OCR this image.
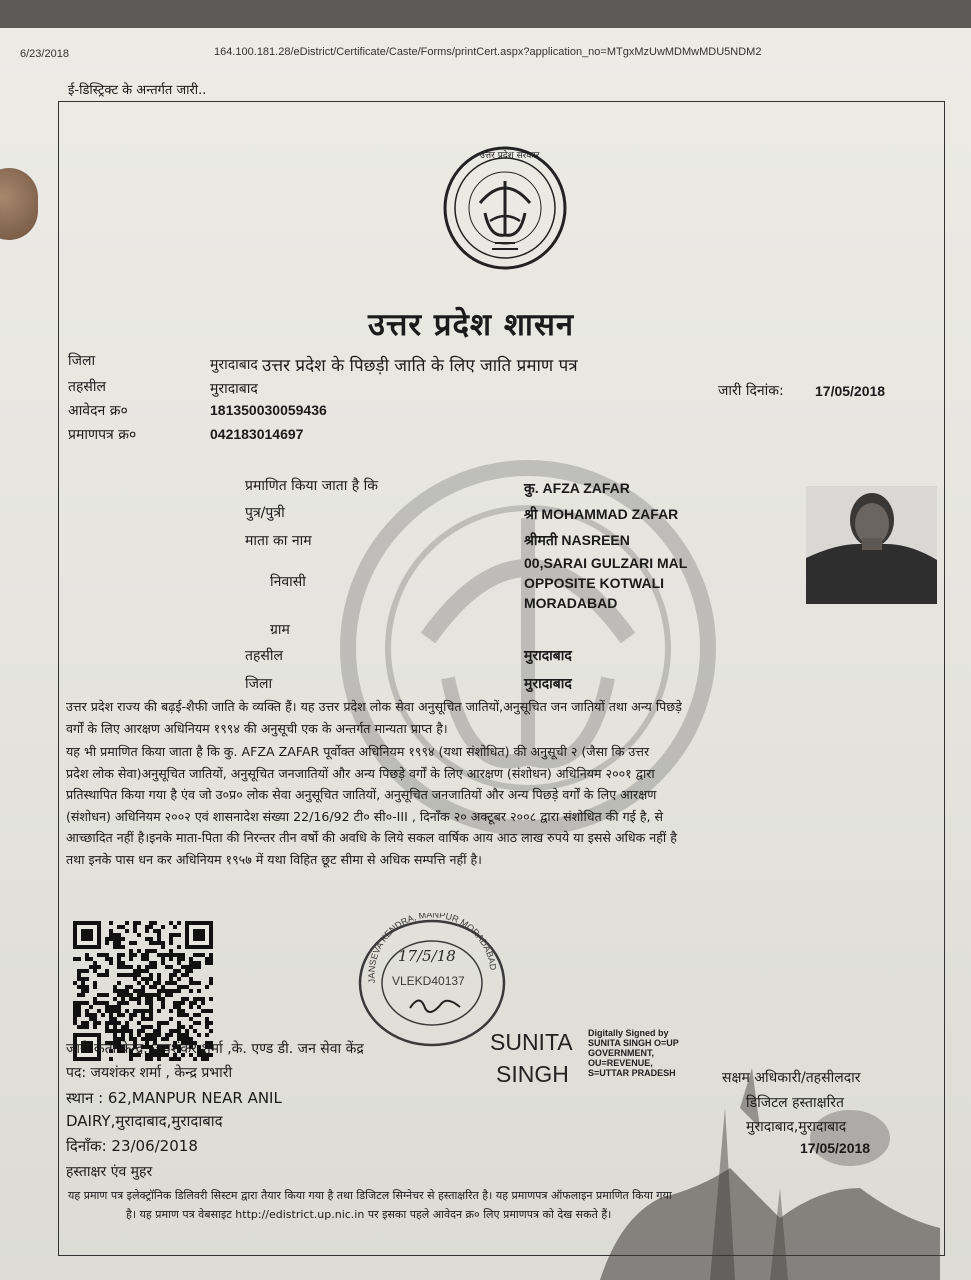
6/23/2018	164.100.181.28/eDistrict/Certificate/Caste/Forms/printCert.aspx?application_no=MTgxMzUwMDMwMDU5NDM2
ई-डिस्ट्रिक्ट के अन्तर्गत जारी..
उत्तर प्रदेश सरकार
उत्तर प्रदेश शासन
उत्तर प्रदेश के पिछड़ी जाति के लिए जाति प्रमाण पत्र
जिला	मुरादाबाद
तहसील	मुरादाबाद
आवेदन क्र०	181350030059436
प्रमाणपत्र क्र०	042183014697
जारी दिनांक: 17/05/2018
प्रमाणित किया जाता है कि	कु. AFZA ZAFAR
पुत्र/पुत्री	श्री MOHAMMAD ZAFAR
माता का नाम	श्रीमती NASREEN
निवासी
00,SARAI GULZARI MAL
OPPOSITE KOTWALI
MORADABAD
ग्राम
तहसील	मुरादाबाद
जिला	मुरादाबाद
उत्तर प्रदेश राज्य की बढ़ई-शैफी जाति के व्यक्ति हैं। यह उत्तर प्रदेश लोक सेवा अनुसूचित जातियों,अनुसूचित जन जातियों तथा अन्य पिछड़े
वर्गों के लिए आरक्षण अधिनियम १९९४ की अनुसूची एक के अन्तर्गत मान्यता प्राप्त है।
यह भी प्रमाणित किया जाता है कि कु. AFZA ZAFAR पूर्वोक्त अधिनियम १९९४ (यथा संशोधित) की अनुसूची २ (जैसा कि उत्तर
प्रदेश लोक सेवा)अनुसूचित जातियों, अनुसूचित जनजातियों और अन्य पिछड़े वर्गों के लिए आरक्षण (संशोधन) अधिनियम २००१ द्वारा
प्रतिस्थापित किया गया है एंव जो उ०प्र० लोक सेवा अनुसूचित जातियों, अनुसूचित जनजातियों और अन्य पिछड़े वर्गों के लिए आरक्षण
(संशोधन) अधिनियम २००२ एवं शासनादेश संख्या 22/16/92 टी० सी०-III , दिनाँक २० अक्टूबर २००८ द्वारा संशोधित की गई है, से
आच्छादित नहीं है।इनके माता-पिता की निरन्तर तीन वर्षो की अवधि के लिये सकल वार्षिक आय आठ लाख रुपये या इससे अधिक नहीं है
तथा इनके पास धन कर अधिनियम १९५७ में यथा विहित छूट सीमा से अधिक सम्पत्ति नहीं है।
JANSEVA KENDRA, MANPUR MORADABAD
VLEKD40137
17/5/18
जारी कर्ता केन्द्र: जयशंकर शर्मा ,के. एण्ड डी. जन सेवा केंद्र
पद: जयशंकर शर्मा , केन्द्र प्रभारी
स्थान : 62,MANPUR NEAR ANIL
DAIRY,मुरादाबाद,मुरादाबाद
दिनाँक: 23/06/2018
हस्ताक्षर एंव मुहर
SUNITA
SINGH
Digitally Signed by
SUNITA SINGH O=UP
GOVERNMENT,
OU=REVENUE,
S=UTTAR PRADESH	सक्षम अधिकारी/तहसीलदार
डिजिटल हस्ताक्षरित
मुरादाबाद,मुरादाबाद
17/05/2018
यह प्रमाण पत्र इलेक्ट्रॉनिक डिलिवरी सिस्टम द्वारा तैयार किया गया है तथा डिजिटल सिग्नेचर से हस्ताक्षरित है। यह प्रमाणपत्र ऑफलाइन प्रमाणित किया गया
है। यह प्रमाण पत्र वेबसाइट http://edistrict.up.nic.in पर इसका पहले आवेदन क्र० लिए प्रमाणपत्र को देख सकते हैं।
